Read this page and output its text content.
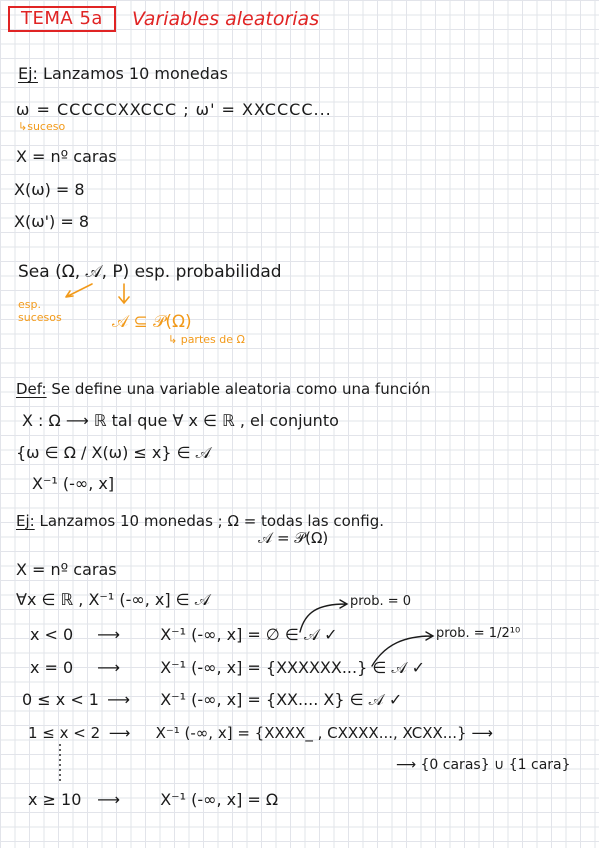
TEMA 5a	Variables aleatorias
Ej: Lanzamos 10 monedas
ω = CCCCCXXCCC ; ω' = XXCCCC...
↳suceso
X = nº caras
X(ω) = 8
X(ω') = 8
Sea (Ω, 𝒜, P) esp. probabilidad
esp. sucesos	𝒜 ⊆ 𝒫(Ω)
↳ partes de Ω
Def: Se define una variable aleatoria como una función
X : Ω ⟶ ℝ tal que ∀ x ∈ ℝ , el conjunto
{ω ∈ Ω / X(ω) ≤ x} ∈ 𝒜
X⁻¹ (-∞, x]
Ej: Lanzamos 10 monedas ; Ω = todas las config.
𝒜 = 𝒫(Ω)
X = nº caras
∀x ∈ ℝ , X⁻¹ (-∞, x] ∈ 𝒜	prob. = 0
prob. = 1/2¹⁰
x < 0 ⟶	X⁻¹ (-∞, x] = ∅ ∈ 𝒜 ✓
x = 0 ⟶	X⁻¹ (-∞, x] = {XXXXXX...} ∈ 𝒜 ✓
0 ≤ x < 1 ⟶ X⁻¹ (-∞, x] = {XX.... X} ∈ 𝒜 ✓
1 ≤ x < 2 ⟶ X⁻¹ (-∞, x] = {XXXX_ , CXXXX..., XCXX...} ⟶
⟶ {0 caras} ∪ {1 cara}
x ≥ 10 ⟶	X⁻¹ (-∞, x] = Ω
